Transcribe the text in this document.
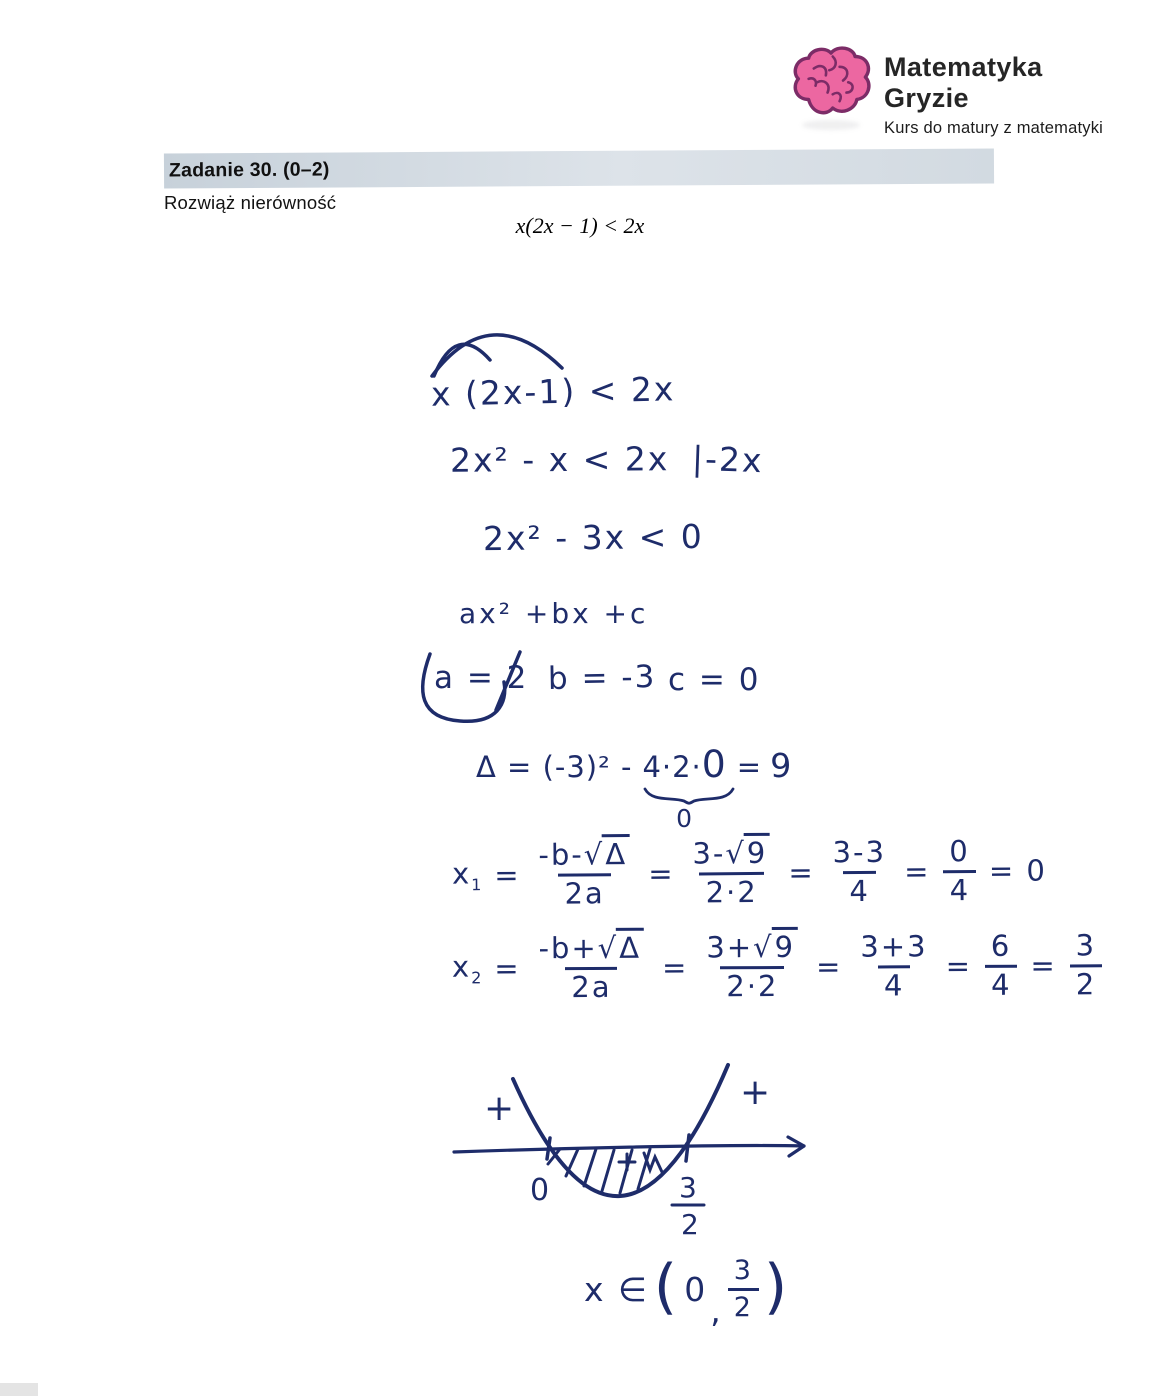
Matematyka Gryzie
Kurs do matury z matematyki
Zadanie 30. (0–2)
Rozwiąż nierówność
x(2x − 1) < 2x
x (2x-1) < 2x
2x² - x < 2x |-2x
2x² - 3x < 0
ax² +bx +c
a = 2 b = -3 c = 0
Δ = (-3)² - 4·2·0
0
= 9
$x_1 = \frac{-b-√\Delta}{2a} = \frac{3-√9}{2\cdot 2} = \frac{3-3}{4} = \frac{0}{4} = 0$
$x_2 = \frac{-b+√\Delta}{2a} = \frac{3+√9}{2\cdot 2} = \frac{3+3}{4} = \frac{6}{4} = \frac{3}{2}$
+	+
0	3
2
x ∈ ( 0
, $\frac{3}{2}$ )
